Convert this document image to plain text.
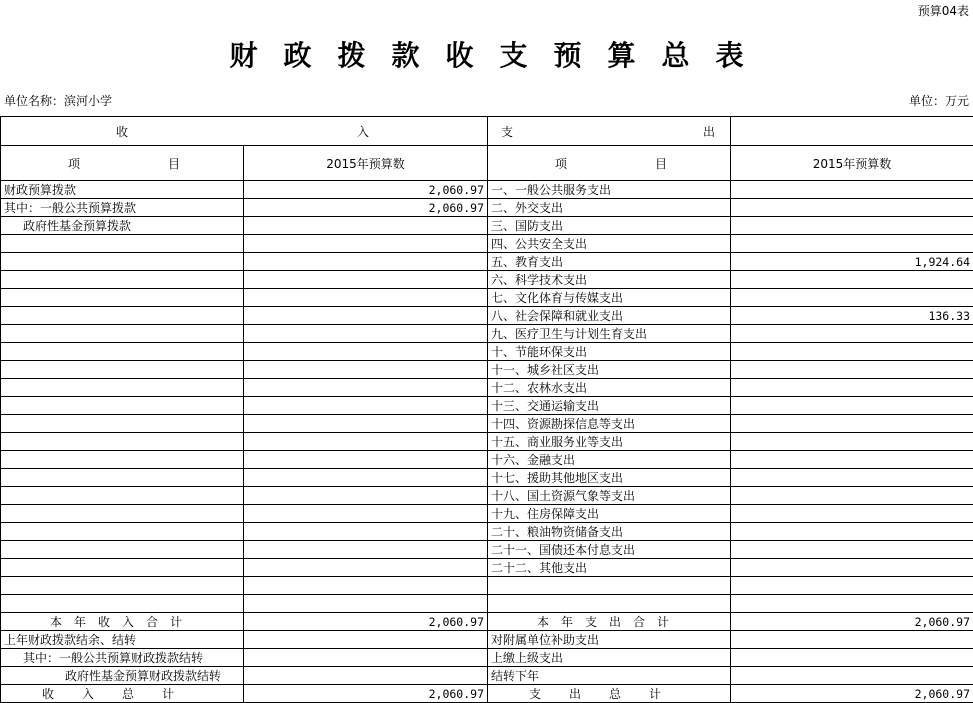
预算04表
财政拨款收支预算总表
单位名称：滨河小学	单位：万元
收 入		支 出	

项 目	2015年预算数	项 目	2015年预算数
财政预算拨款	2,060.97	一、一般公共服务支出	
其中：一般公共预算拨款	2,060.97	二、外交支出	
政府性基金预算拨款		三、国防支出	
		四、公共安全支出	
		五、教育支出	1,924.64
		六、科学技术支出	
		七、文化体育与传媒支出	
		八、社会保障和就业支出	136.33
		九、医疗卫生与计划生育支出	
		十、节能环保支出	
		十一、城乡社区支出	
		十二、农林水支出	
		十三、交通运输支出	
		十四、资源勘探信息等支出	
		十五、商业服务业等支出	
		十六、金融支出	
		十七、援助其他地区支出	
		十八、国土资源气象等支出	
		十九、住房保障支出	
		二十、粮油物资储备支出	
		二十一、国债还本付息支出	
		二十二、其他支出	

本年收入合计	2,060.97	本年支出合计	2,060.97
上年财政拨款结余、结转		对附属单位补助支出	
其中：一般公共预算财政拨款结转		上缴上级支出	
政府性基金预算财政拨款结转		结转下年	
收入总计	2,060.97	支出总计	2,060.97
